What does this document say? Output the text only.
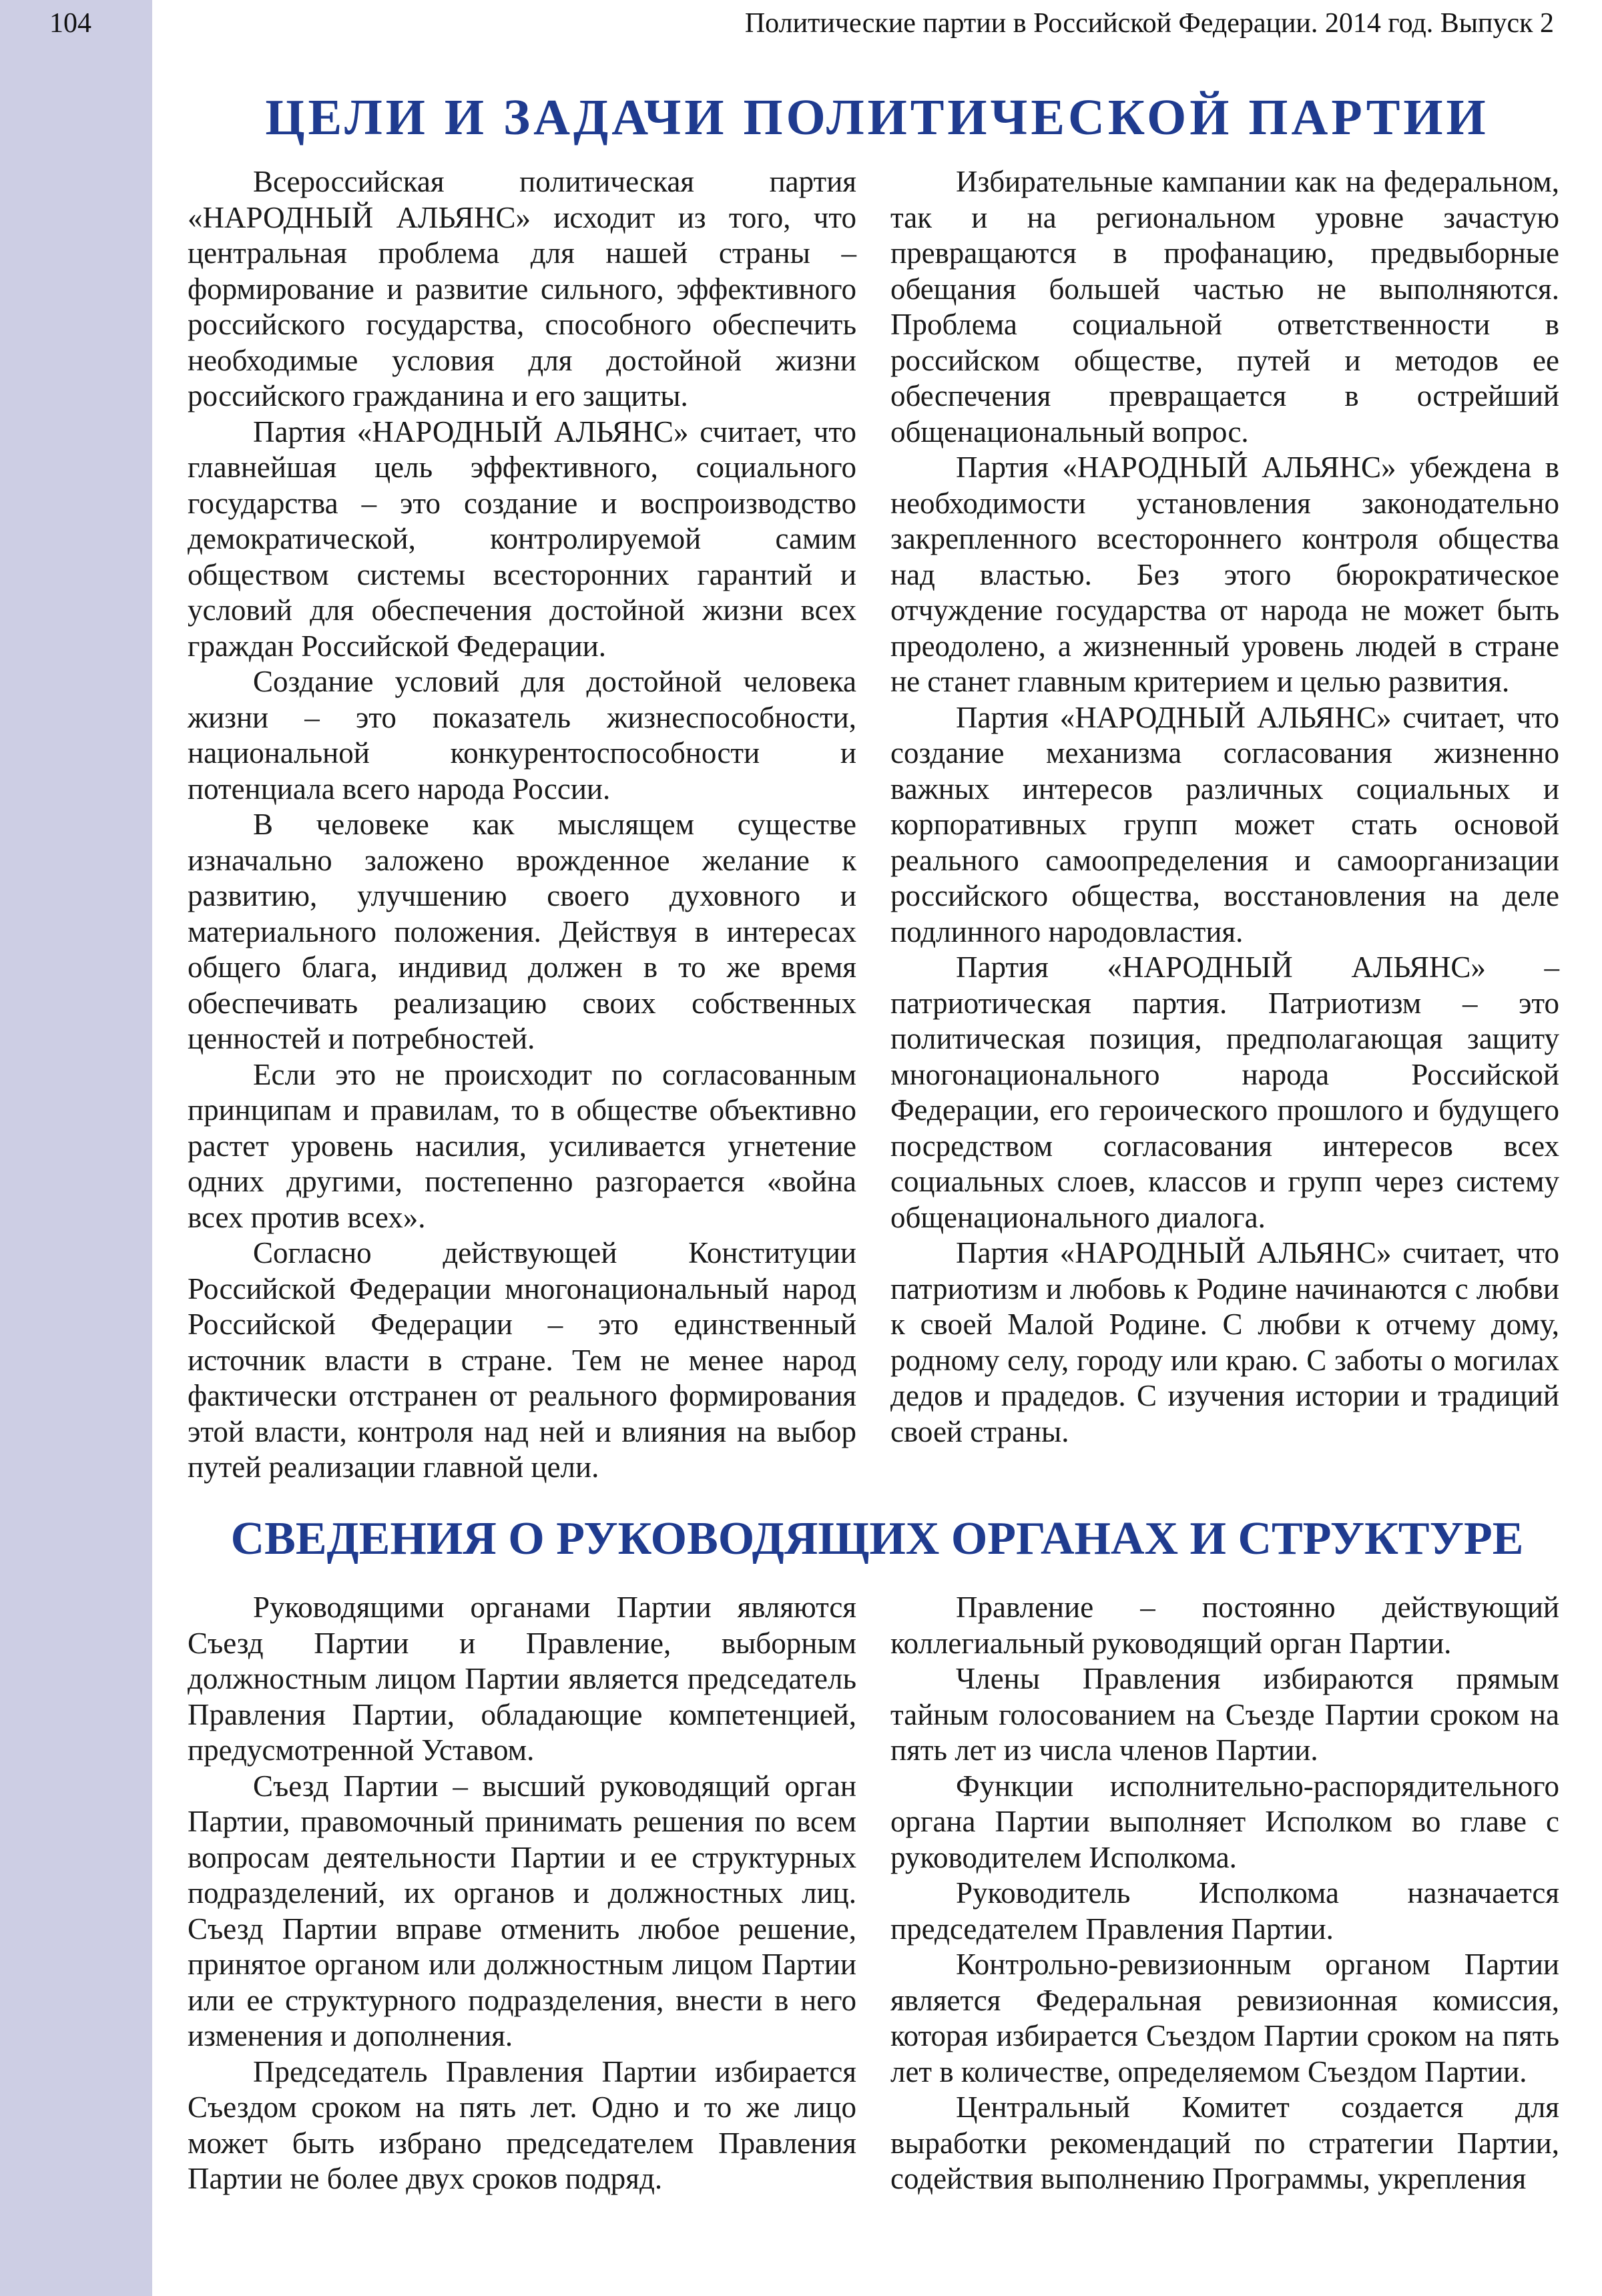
104	Политические партии в Российской Федерации. 2014 год. Выпуск 2
ЦЕЛИ И ЗАДАЧИ ПОЛИТИЧЕСКОЙ ПАРТИИ

Всероссийская политическая партия «НАРОДНЫЙ АЛЬЯНС» исходит из того, что центральная проблема для нашей страны – формирование и развитие сильного, эффективного российского государства, способного обеспечить необходимые условия для достойной жизни российского гражданина и его защиты.

Партия «НАРОДНЫЙ АЛЬЯНС» считает, что главнейшая цель эффективного, социального государства – это создание и воспроизводство демократической, контролируемой самим обществом системы всесторонних гарантий и условий для обеспечения достойной жизни всех граждан Российской Федерации.

Создание условий для достойной человека жизни – это показатель жизнеспособности, национальной конкурентоспособности и потенциала всего народа России.

В человеке как мыслящем существе изначально заложено врожденное желание к развитию, улучшению своего духовного и материального положения. Действуя в интересах общего блага, индивид должен в то же время обеспечивать реализацию своих собственных ценностей и потребностей.

Если это не происходит по согласованным принципам и правилам, то в обществе объективно растет уровень насилия, усиливается угнетение одних другими, постепенно разгорается «война всех против всех».

Согласно действующей Конституции Российской Федерации многонациональный народ Российской Федерации – это единственный источник власти в стране. Тем не менее народ фактически отстранен от реального формирования этой власти, контроля над ней и влияния на выбор путей реализации главной цели.

Избирательные кампании как на федеральном, так и на региональном уровне зачастую превращаются в профанацию, предвыборные обещания большей частью не выполняются. Проблема социальной ответственности в российском обществе, путей и методов ее обеспечения превращается в острейший общенациональный вопрос.

Партия «НАРОДНЫЙ АЛЬЯНС» убеждена в необходимости установления законодательно закрепленного всестороннего контроля общества над властью. Без этого бюрократическое отчуждение государства от народа не может быть преодолено, а жизненный уровень людей в стране не станет главным критерием и целью развития.

Партия «НАРОДНЫЙ АЛЬЯНС» считает, что создание механизма согласования жизненно важных интересов различных социальных и корпоративных групп может стать основой реального самоопределения и самоорганизации российского общества, восстановления на деле подлинного народовластия.

Партия «НАРОДНЫЙ АЛЬЯНС» – патриотическая партия. Патриотизм – это политическая позиция, предполагающая защиту многонационального народа Российской Федерации, его героического прошлого и будущего посредством согласования интересов всех социальных слоев, классов и групп через систему общенационального диалога.

Партия «НАРОДНЫЙ АЛЬЯНС» считает, что патриотизм и любовь к Родине начинаются с любви к своей Малой Родине. С любви к отчему дому, родному селу, городу или краю. С заботы о могилах дедов и прадедов. С изучения истории и традиций своей страны.

СВЕДЕНИЯ О РУКОВОДЯЩИХ ОРГАНАХ И СТРУКТУРЕ

Руководящими органами Партии являются Съезд Партии и Правление, выборным должностным лицом Партии является председатель Правления Партии, обладающие компетенцией, предусмотренной Уставом.

Съезд Партии – высший руководящий орган Партии, правомочный принимать решения по всем вопросам деятельности Партии и ее структурных подразделений, их органов и должностных лиц. Съезд Партии вправе отменить любое решение, принятое органом или должностным лицом Партии или ее структурного подразделения, внести в него изменения и дополнения.

Председатель Правления Партии избирается Съездом сроком на пять лет. Одно и то же лицо может быть избрано председателем Правления Партии не более двух сроков подряд.

Правление – постоянно действующий коллегиальный руководящий орган Партии.

Члены Правления избираются прямым тайным голосованием на Съезде Партии сроком на пять лет из числа членов Партии.

Функции исполнительно-распорядительного органа Партии выполняет Исполком во главе с руководителем Исполкома.

Руководитель Исполкома назначается председателем Правления Партии.

Контрольно-ревизионным органом Партии является Федеральная ревизионная комиссия, которая избирается Съездом Партии сроком на пять лет в количестве, определяемом Съездом Партии.

Центральный Комитет создается для выработки рекомендаций по стратегии Партии, содействия выполнению Программы, укрепления
